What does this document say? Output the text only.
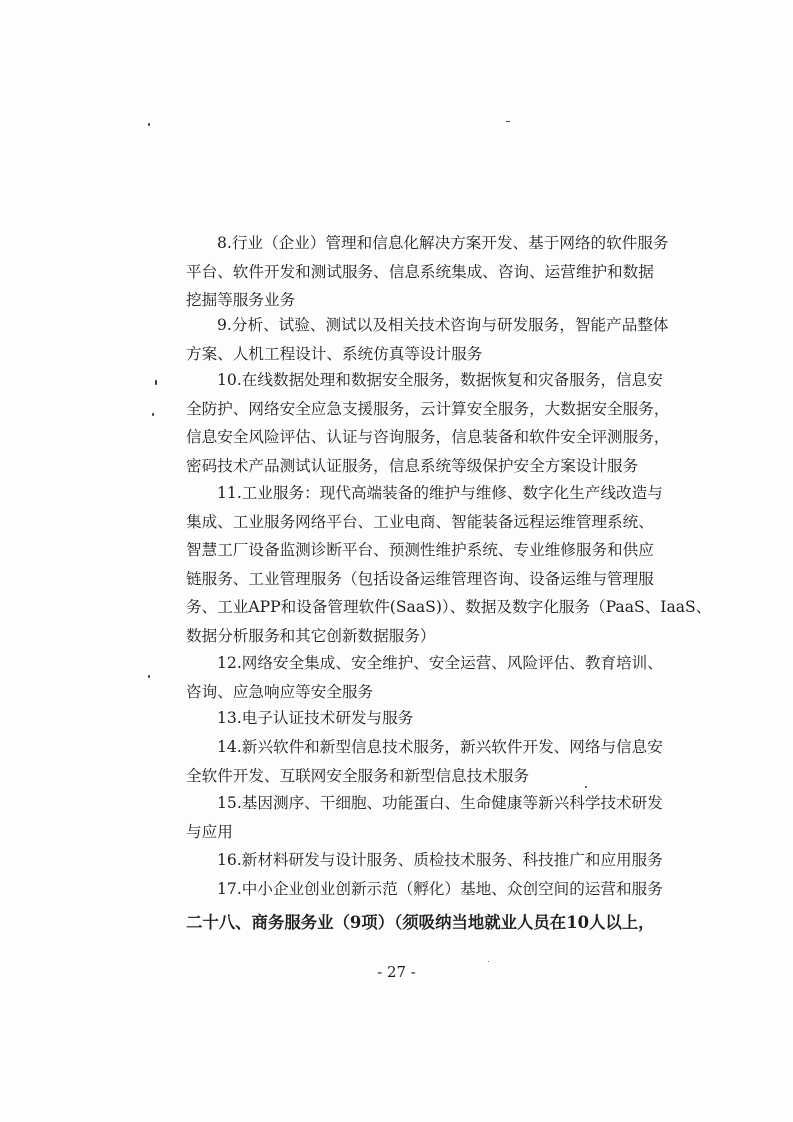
8.行业（企业）管理和信息化解决方案开发、基于网络的软件服务
平台、软件开发和测试服务、信息系统集成、咨询、运营维护和数据
挖掘等服务业务
9.分析、试验、测试以及相关技术咨询与研发服务，智能产品整体
方案、人机工程设计、系统仿真等设计服务
10.在线数据处理和数据安全服务，数据恢复和灾备服务，信息安
全防护、网络安全应急支援服务，云计算安全服务，大数据安全服务，
信息安全风险评估、认证与咨询服务，信息装备和软件安全评测服务，
密码技术产品测试认证服务，信息系统等级保护安全方案设计服务
11.工业服务：现代高端装备的维护与维修、数字化生产线改造与
集成、工业服务网络平台、工业电商、智能装备远程运维管理系统、
智慧工厂设备监测诊断平台、预测性维护系统、专业维修服务和供应
链服务、工业管理服务（包括设备运维管理咨询、设备运维与管理服
务、工业APP和设备管理软件(SaaS)）、数据及数字化服务（PaaS、IaaS、
数据分析服务和其它创新数据服务）
12.网络安全集成、安全维护、安全运营、风险评估、教育培训、
咨询、应急响应等安全服务
13.电子认证技术研发与服务
14.新兴软件和新型信息技术服务，新兴软件开发、网络与信息安
全软件开发、互联网安全服务和新型信息技术服务
15.基因测序、干细胞、功能蛋白、生命健康等新兴科学技术研发
与应用
16.新材料研发与设计服务、质检技术服务、科技推广和应用服务
17.中小企业创业创新示范（孵化）基地、众创空间的运营和服务

二十八、商务服务业（9项）（须吸纳当地就业人员在10人以上，

- 27 -
